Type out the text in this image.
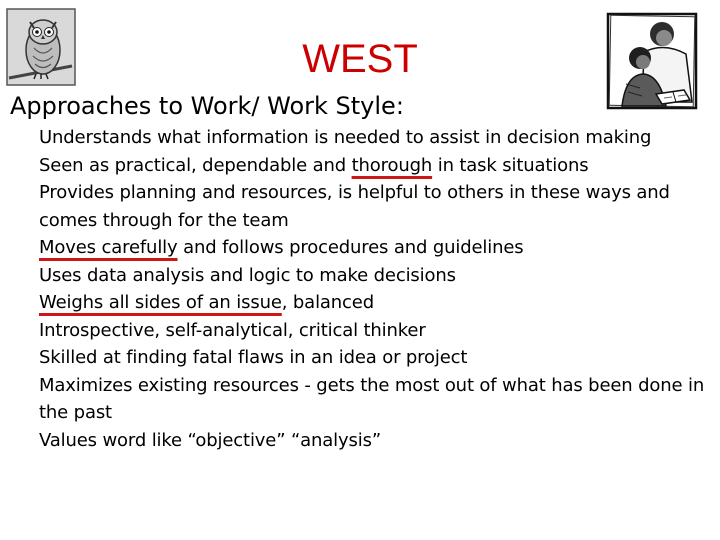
WEST
Approaches to Work/ Work Style:
Understands what information is needed to assist in decision making
Seen as practical, dependable and thorough in task situations
Provides planning and resources, is helpful to others in these ways and
comes through for the team
Moves carefully and follows procedures and guidelines
Uses data analysis and logic to make decisions
Weighs all sides of an issue, balanced
Introspective, self-analytical, critical thinker
Skilled at finding fatal flaws in an idea or project
Maximizes existing resources - gets the most out of what has been done in
the past
Values word like “objective” “analysis”
